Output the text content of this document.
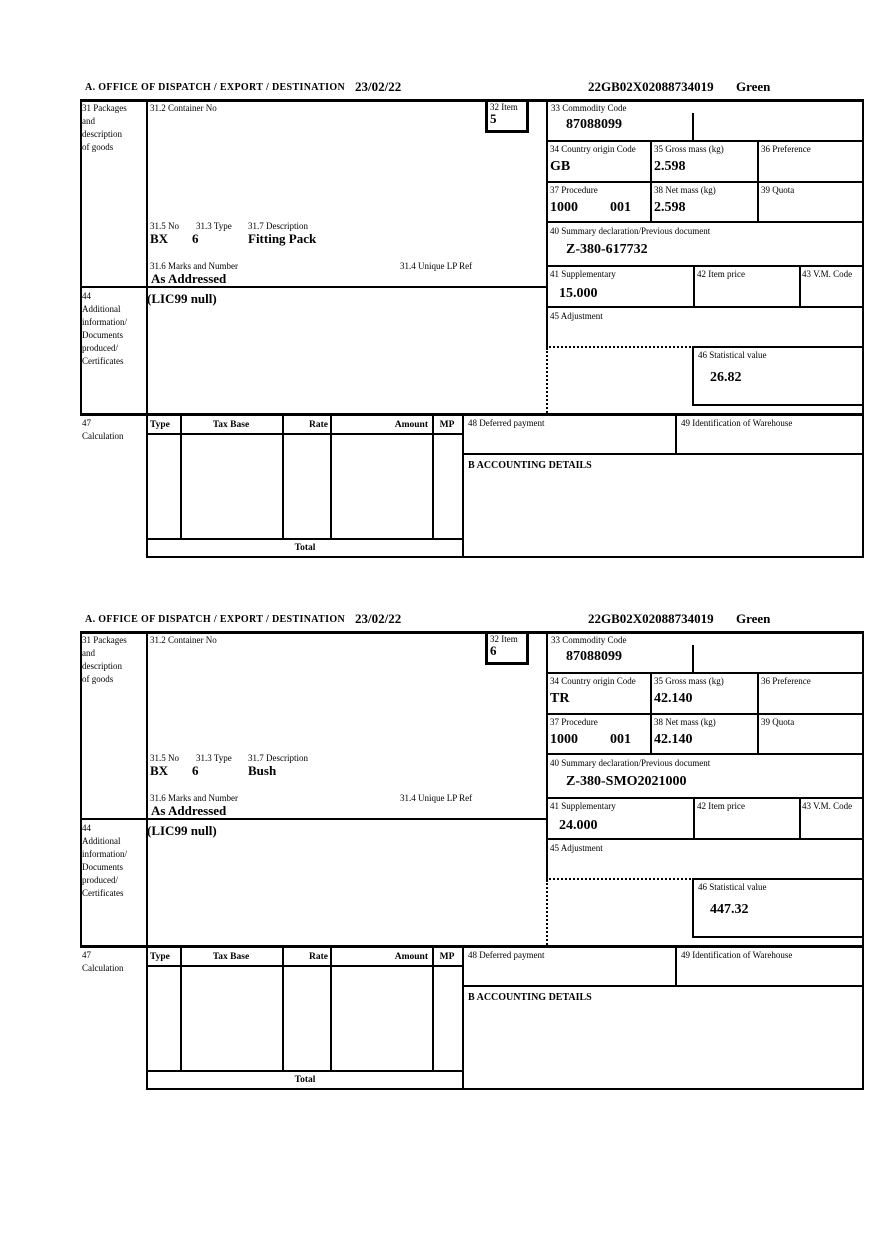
A. OFFICE OF DISPATCH / EXPORT / DESTINATION 23/02/22	22GB02X02088734019 Green
31 Packages
and
description
of goods
31.2 Container No	32 Item
5
33 Commodity Code
87088099
34 Country origin Code
GB
35 Gross mass (kg)
2.598
36 Preference
37 Procedure
1000 001
38 Net mass (kg)
2.598
39 Quota
40 Summary declaration/Previous document
Z-380-617732
41 Supplementary
15.000
42 Item price	43 V.M. Code
45 Adjustment
46 Statistical value
26.82
31.5 No 31.3 Type 31.7 Description
BX 6	Fitting Pack
31.6 Marks and Number	31.4 Unique LP Ref
As Addressed
44
Additional
information/
Documents
produced/
Certificates
(LIC99 null)
47
Calculation
Type	Tax Base	Rate	Amount	MP
Total
48 Deferred payment	49 Identification of Warehouse
B ACCOUNTING DETAILS
A. OFFICE OF DISPATCH / EXPORT / DESTINATION 23/02/22	22GB02X02088734019 Green
31 Packages
and
description
of goods
31.2 Container No	32 Item
6
33 Commodity Code
87088099
34 Country origin Code
TR
35 Gross mass (kg)
42.140
36 Preference
37 Procedure
1000 001
38 Net mass (kg)
42.140
39 Quota
40 Summary declaration/Previous document
Z-380-SMO2021000
41 Supplementary
24.000
42 Item price	43 V.M. Code
45 Adjustment
46 Statistical value
447.32
31.5 No 31.3 Type 31.7 Description
BX 6	Bush
31.6 Marks and Number	31.4 Unique LP Ref
As Addressed
44
Additional
information/
Documents
produced/
Certificates
(LIC99 null)
47
Calculation
Type	Tax Base	Rate	Amount	MP
Total
48 Deferred payment	49 Identification of Warehouse
B ACCOUNTING DETAILS
